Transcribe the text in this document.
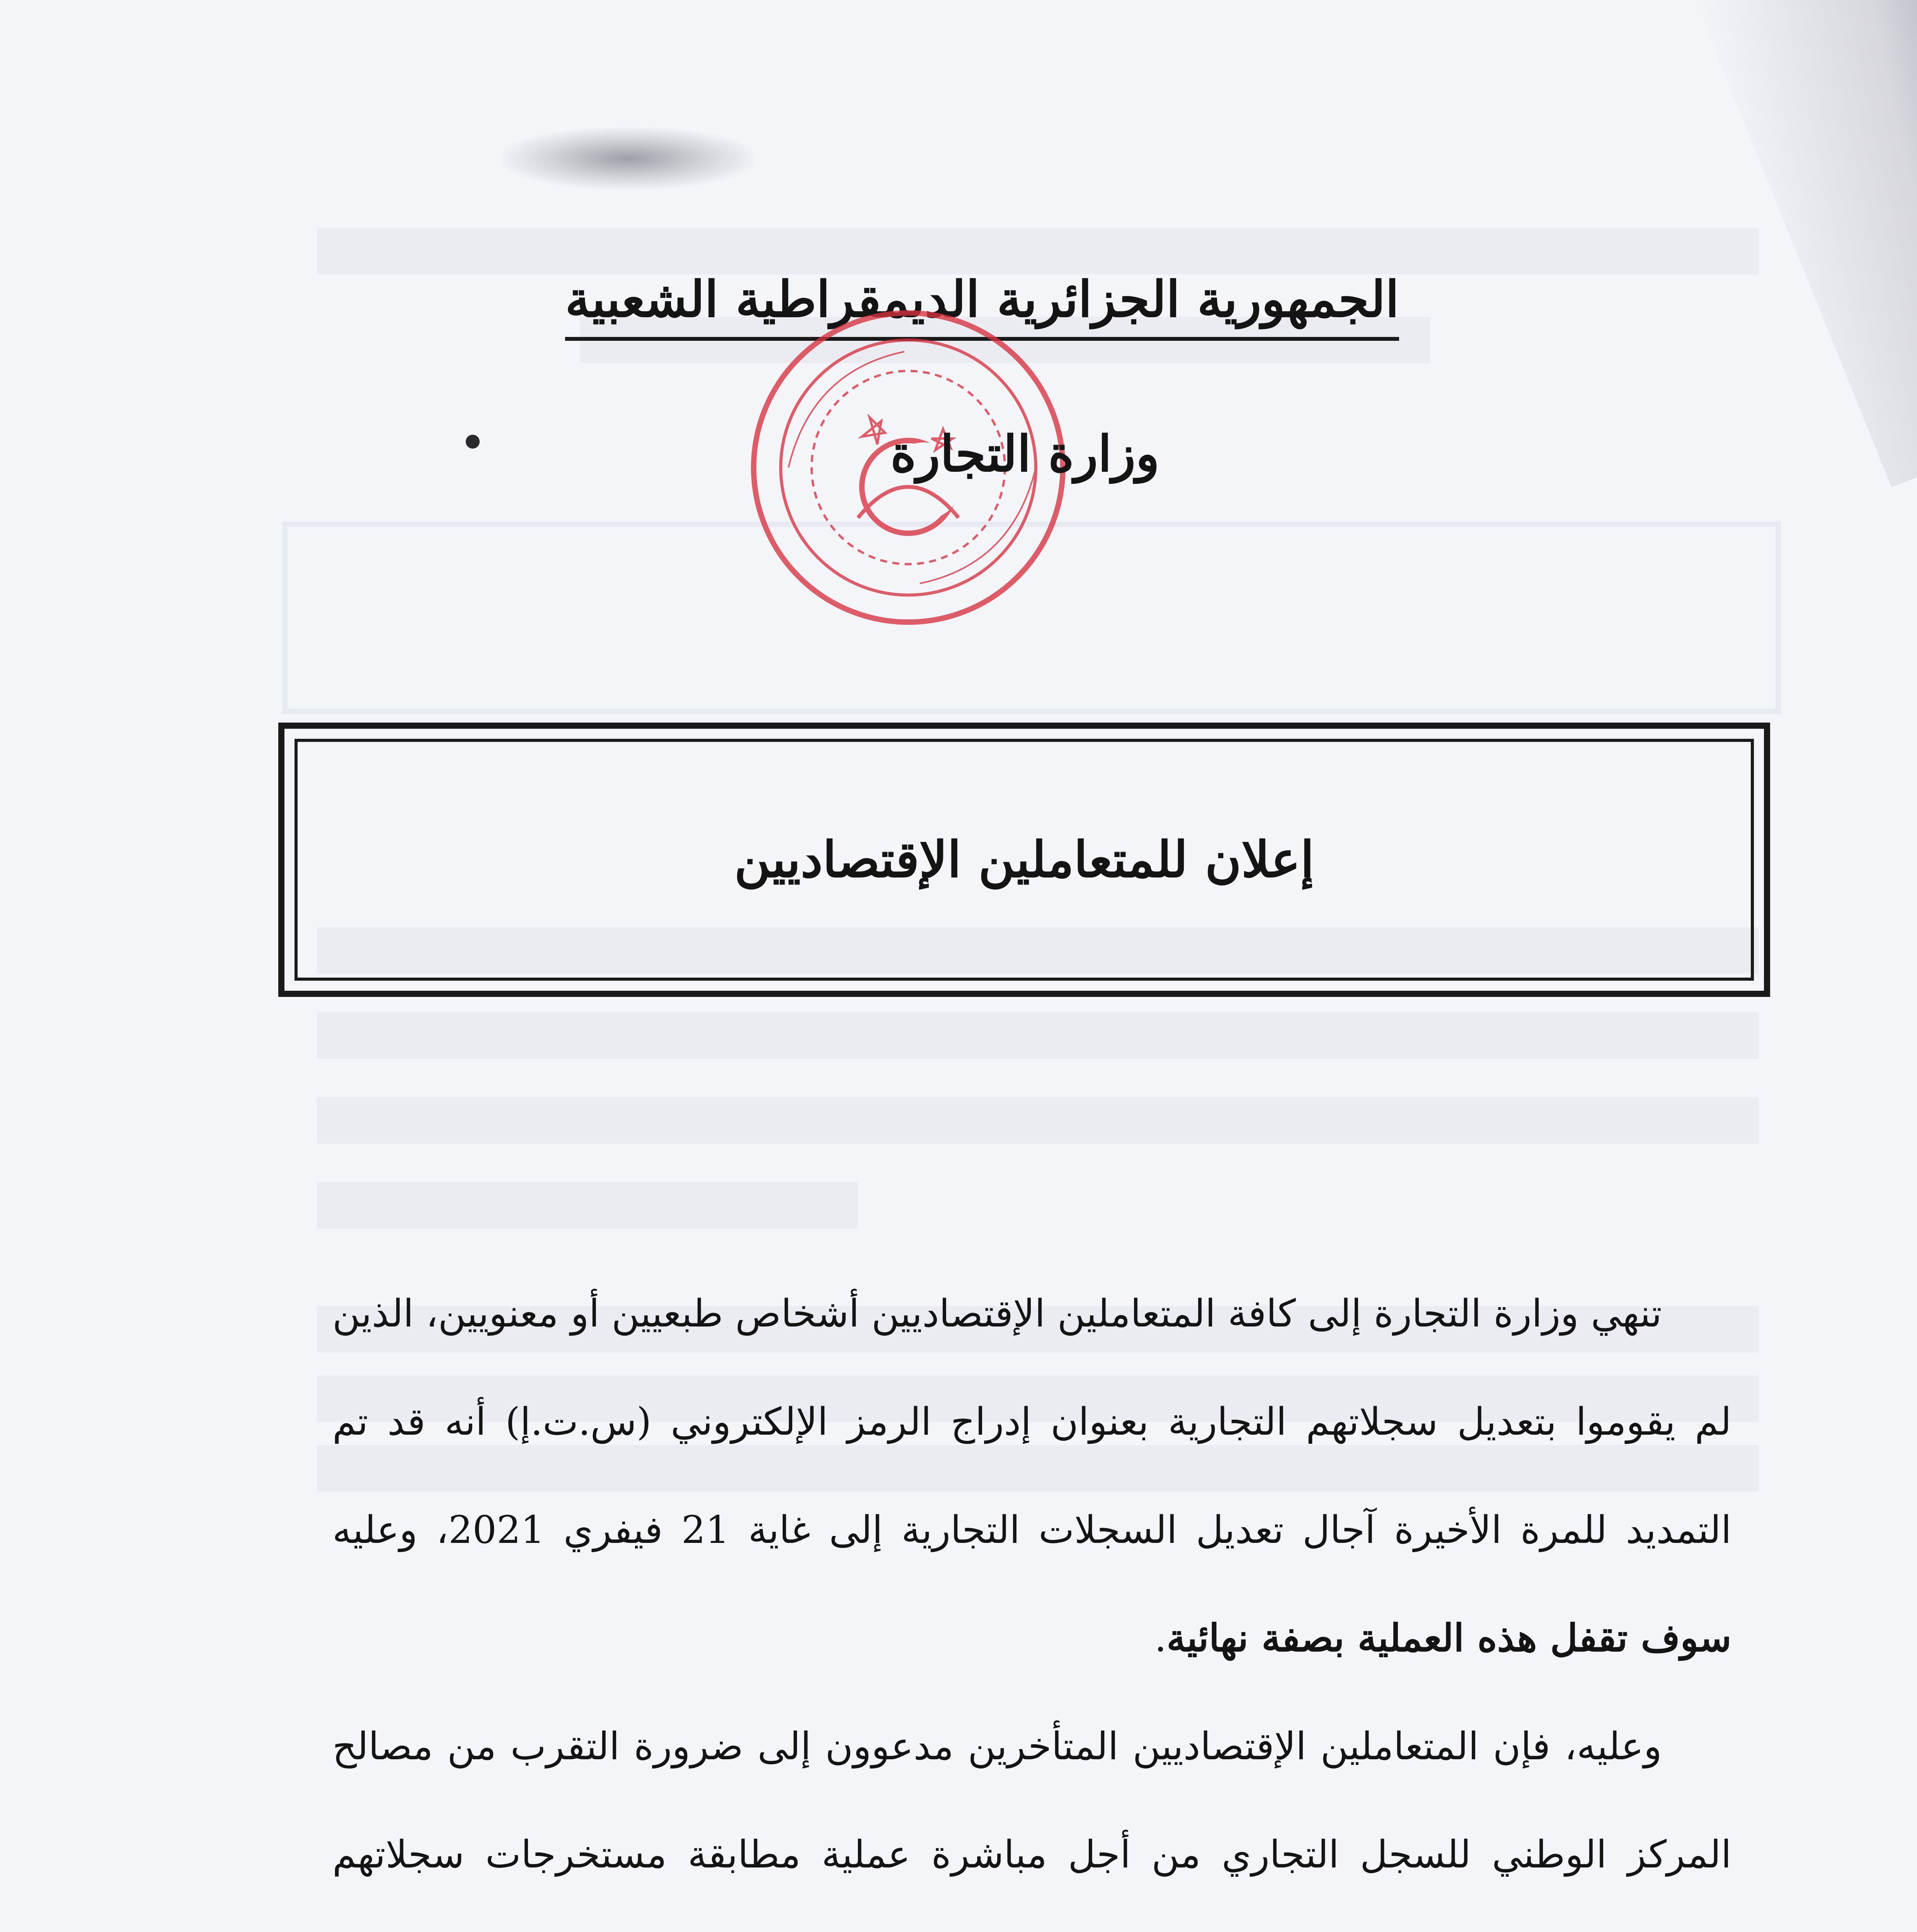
الجمهورية الجزائرية الديمقراطية الشعبية
وزارة التجارة
إعلان للمتعاملين الإقتصاديين
تنهي وزارة التجارة إلى كافة المتعاملين الإقتصاديين أشخاص طبعيين أو معنويين، الذين لم يقوموا بتعديل سجلاتهم التجارية بعنوان إدراج الرمز الإلكتروني (س.ت.إ) أنه قد تم التمديد للمرة الأخيرة آجال تعديل السجلات التجارية إلى غاية 21 فيفري 2021، وعليه سوف تقفل هذه العملية بصفة نهائية.
وعليه، فإن المتعاملين الإقتصاديين المتأخرين مدعوون إلى ضرورة التقرب من مصالح المركز الوطني للسجل التجاري من أجل مباشرة عملية مطابقة مستخرجات سجلاتهم
